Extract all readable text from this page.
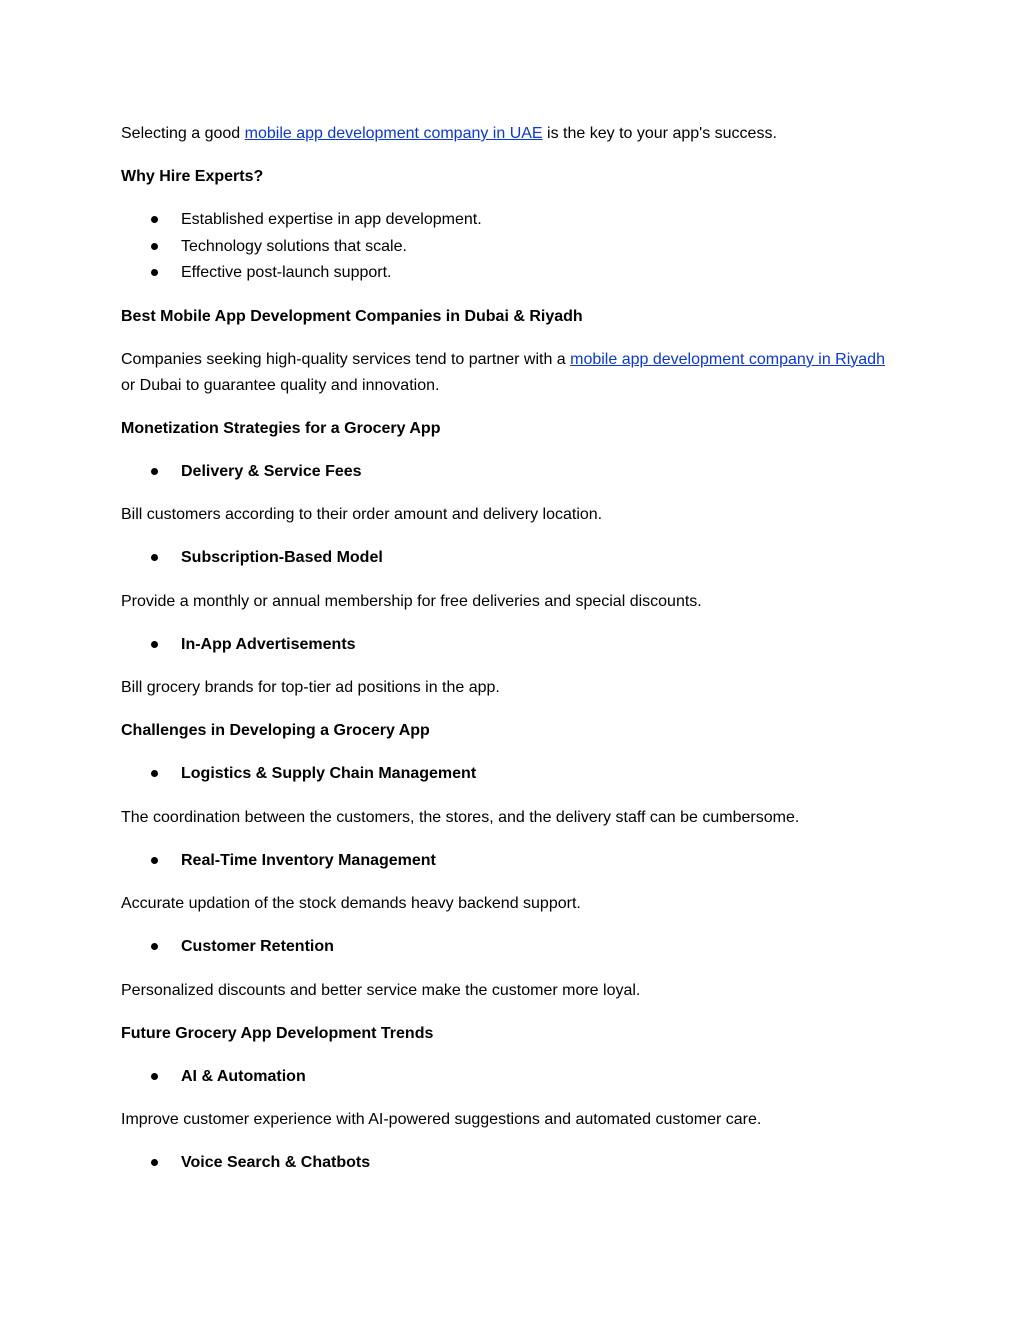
Selecting a good mobile app development company in UAE is the key to your app's success.

Why Hire Experts?

Established expertise in app development.
Technology solutions that scale.
Effective post-launch support.

Best Mobile App Development Companies in Dubai & Riyadh

Companies seeking high-quality services tend to partner with a mobile app development company in Riyadh or Dubai to guarantee quality and innovation.

Monetization Strategies for a Grocery App

Delivery & Service Fees

Bill customers according to their order amount and delivery location.

Subscription-Based Model

Provide a monthly or annual membership for free deliveries and special discounts.

In-App Advertisements

Bill grocery brands for top-tier ad positions in the app.

Challenges in Developing a Grocery App

Logistics & Supply Chain Management

The coordination between the customers, the stores, and the delivery staff can be cumbersome.

Real-Time Inventory Management

Accurate updation of the stock demands heavy backend support.

Customer Retention

Personalized discounts and better service make the customer more loyal.

Future Grocery App Development Trends

AI & Automation

Improve customer experience with AI-powered suggestions and automated customer care.

Voice Search & Chatbots
